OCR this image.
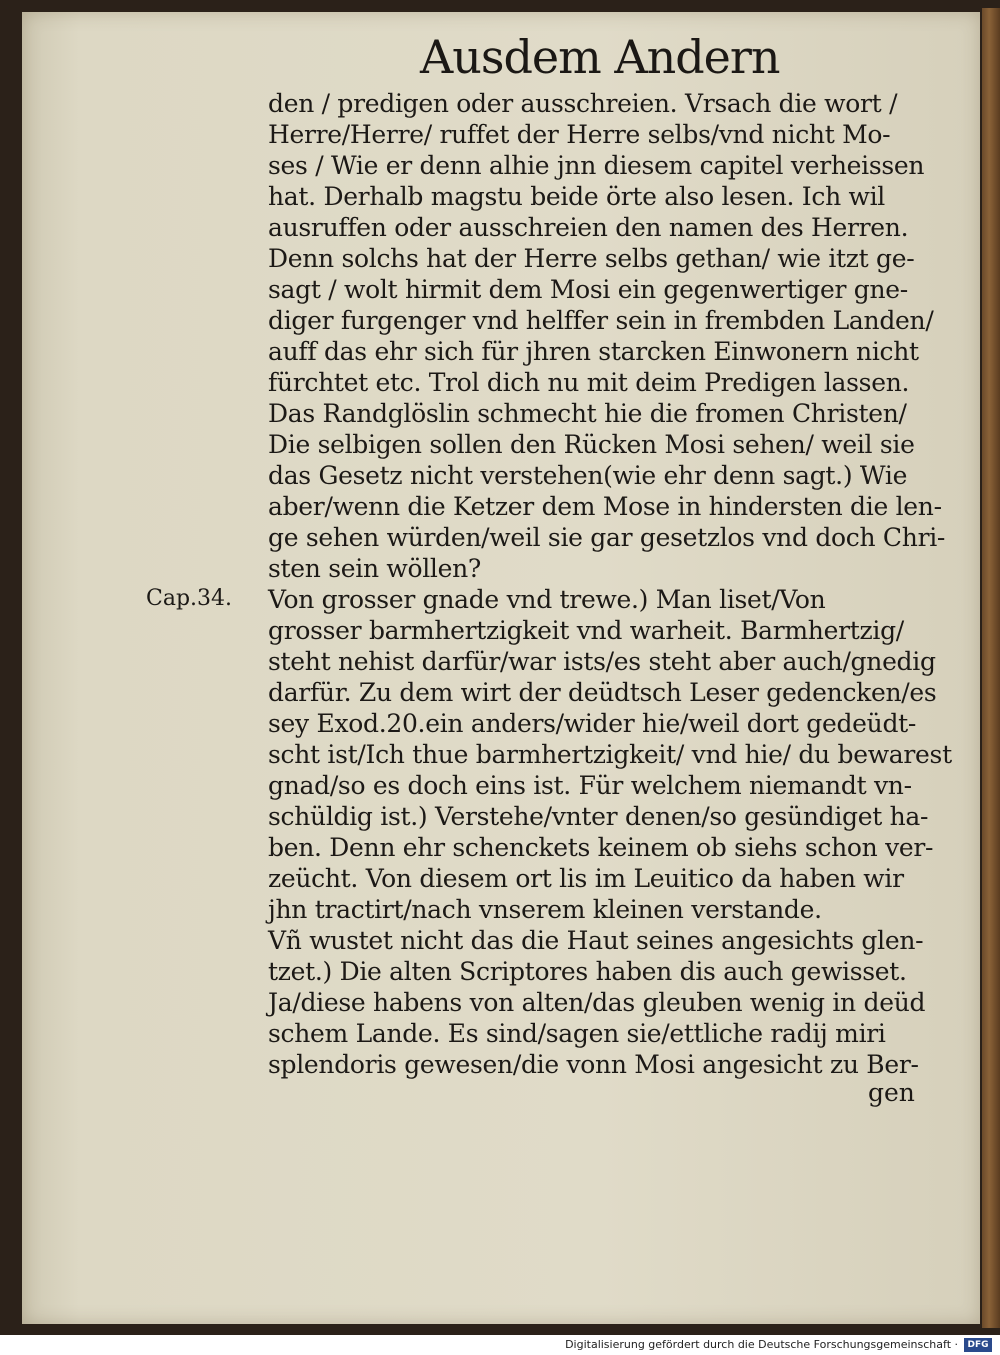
Ausdem Andern
Cap.34.
den / predigen oder ausschreien. Vrsach die wort /
Herre/Herre/ ruffet der Herre selbs/vnd nicht Mo-
ses / Wie er denn alhie jnn diesem capitel verheissen
hat. Derhalb magstu beide örte also lesen. Ich wil
ausruffen oder ausschreien den namen des Herren.
Denn solchs hat der Herre selbs gethan/ wie itzt ge-
sagt / wolt hirmit dem Mosi ein gegenwertiger gne-
diger furgenger vnd helffer sein in frembden Landen/
auff das ehr sich für jhren starcken Einwonern nicht
fürchtet etc. Trol dich nu mit deim Predigen lassen.
Das Randglöslin schmecht hie die fromen Christen/
Die selbigen sollen den Rücken Mosi sehen/ weil sie
das Gesetz nicht verstehen(wie ehr denn sagt.) Wie
aber/wenn die Ketzer dem Mose in hindersten die len-
ge sehen würden/weil sie gar gesetzlos vnd doch Chri-
sten sein wöllen?
Von grosser gnade vnd trewe.) Man liset/Von
grosser barmhertzigkeit vnd warheit. Barmhertzig/
steht nehist darfür/war ists/es steht aber auch/gnedig
darfür. Zu dem wirt der deüdtsch Leser gedencken/es
sey Exod.20.ein anders/wider hie/weil dort gedeüdt-
scht ist/Ich thue barmhertzigkeit/ vnd hie/ du bewarest
gnad/so es doch eins ist. Für welchem niemandt vn-
schüldig ist.) Verstehe/vnter denen/so gesündiget ha-
ben. Denn ehr schenckets keinem ob siehs schon ver-
zeücht. Von diesem ort lis im Leuitico da haben wir
jhn tractirt/nach vnserem kleinen verstande.
Vñ wustet nicht das die Haut seines angesichts glen-
tzet.) Die alten Scriptores haben dis auch gewisset.
Ja/diese habens von alten/das gleuben wenig in deüd
schem Lande. Es sind/sagen sie/ettliche radij miri
splendoris gewesen/die vonn Mosi angesicht zu Ber-
gen
Digitalisierung gefördert durch die Deutsche Forschungsgemeinschaft ·	DFG
